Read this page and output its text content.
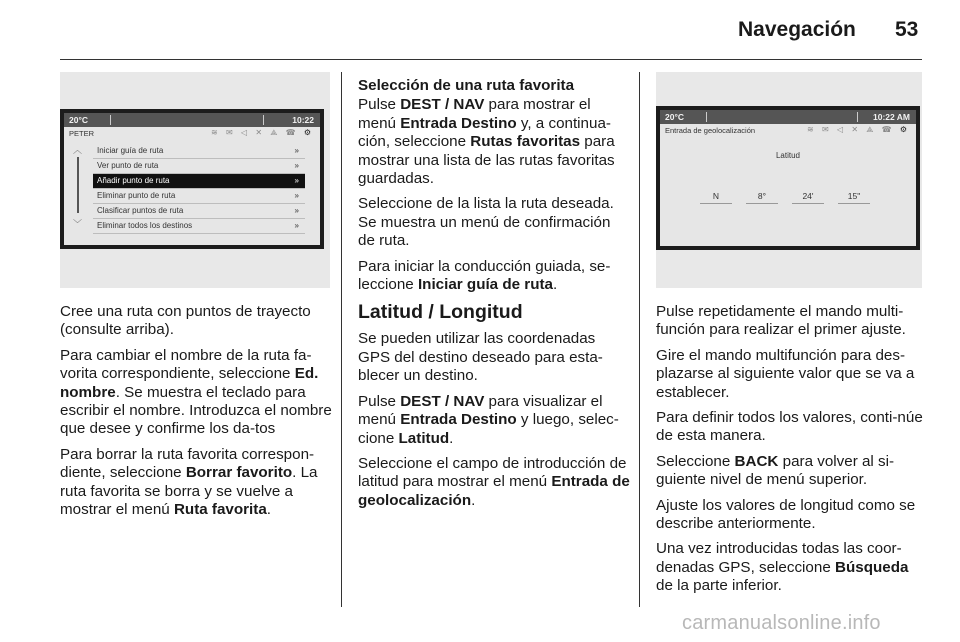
Navegación 53
20°C	10:22
PETER	≋ ✉ ◁ ✕ ⟁ ☎ ⚙
︿
﹀
Iniciar guía de ruta	»
Ver punto de ruta	»
Añadir punto de ruta	»
Eliminar punto de ruta	»
Clasificar puntos de ruta	»
Eliminar todos los destinos	»

Cree una ruta con puntos de trayecto (consulte arriba).

Para cambiar el nombre de la ruta fa-vorita correspondiente, seleccione Ed. nombre. Se muestra el teclado para escribir el nombre. Introduzca el nombre que desee y confirme los da-tos

Para borrar la ruta favorita correspon-diente, seleccione Borrar favorito. La ruta favorita se borra y se vuelve a mostrar el menú Ruta favorita.

Selección de una ruta favorita

Pulse DEST / NAV para mostrar el menú Entrada Destino y, a continua-ción, seleccione Rutas favoritas para mostrar una lista de las rutas favoritas guardadas.

Seleccione de la lista la ruta deseada. Se muestra un menú de confirmación de ruta.

Para iniciar la conducción guiada, se-leccione Iniciar guía de ruta.

Latitud / Longitud

Se pueden utilizar las coordenadas GPS del destino deseado para esta-blecer un destino.

Pulse DEST / NAV para visualizar el menú Entrada Destino y luego, selec-cione Latitud.

Seleccione el campo de introducción de latitud para mostrar el menú Entrada de geolocalización.

20°C	10:22 AM
Entrada de geolocalización	≋ ✉ ◁ ✕ ⟁ ☎ ⚙
Latitud
N	8°	24'	15"

Pulse repetidamente el mando multi-función para realizar el primer ajuste.

Gire el mando multifunción para des-plazarse al siguiente valor que se va a establecer.

Para definir todos los valores, conti-núe de esta manera.

Seleccione BACK para volver al si-guiente nivel de menú superior.

Ajuste los valores de longitud como se describe anteriormente.

Una vez introducidas todas las coor-denadas GPS, seleccione Búsqueda de la parte inferior.

carmanualsonline.info
